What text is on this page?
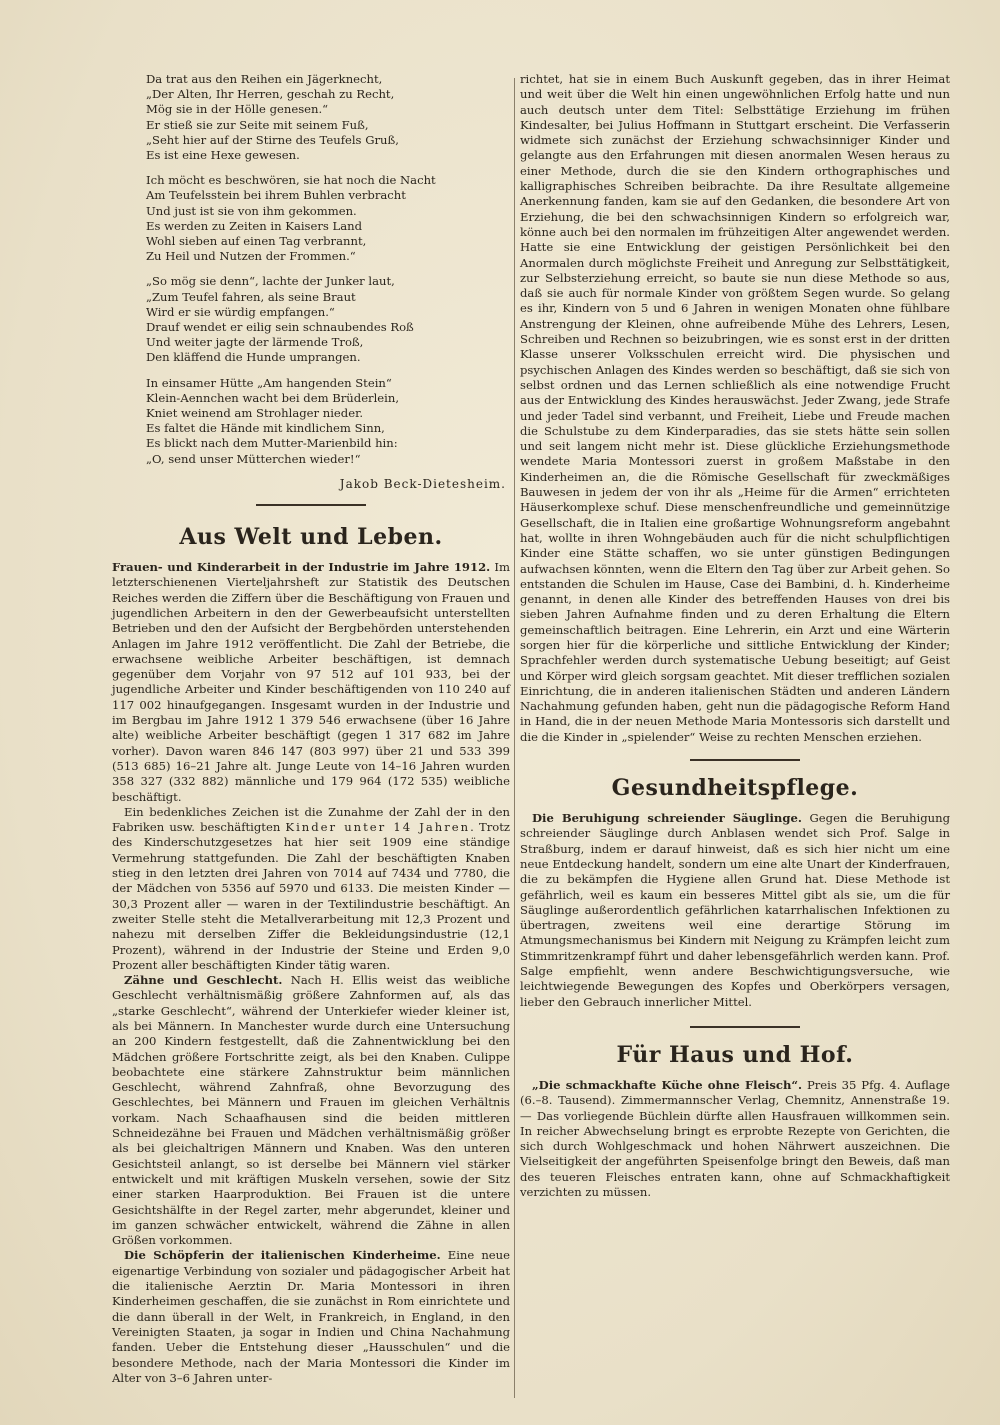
Da trat aus den Reihen ein Jägerknecht,
„Der Alten, Ihr Herren, geschah zu Recht,
Mög sie in der Hölle genesen.“
Er stieß sie zur Seite mit seinem Fuß,
„Seht hier auf der Stirne des Teufels Gruß,
Es ist eine Hexe gewesen.

Ich möcht es beschwören, sie hat noch die Nacht
Am Teufelsstein bei ihrem Buhlen verbracht
Und just ist sie von ihm gekommen.
Es werden zu Zeiten in Kaisers Land
Wohl sieben auf einen Tag verbrannt,
Zu Heil und Nutzen der Frommen.“

„So mög sie denn“, lachte der Junker laut,
„Zum Teufel fahren, als seine Braut
Wird er sie würdig empfangen.“
Drauf wendet er eilig sein schnaubendes Roß
Und weiter jagte der lärmende Troß,
Den kläffend die Hunde umprangen.

In einsamer Hütte „Am hangenden Stein“
Klein-Aennchen wacht bei dem Brüderlein,
Kniet weinend am Strohlager nieder.
Es faltet die Hände mit kindlichem Sinn,
Es blickt nach dem Mutter-Marienbild hin:
„O, send unser Mütterchen wieder!“

Jakob Beck-Dietesheim.
Aus Welt und Leben.

Frauen- und Kinderarbeit in der Industrie im Jahre 1912. Im letzterschienenen Vierteljahrsheft zur Statistik des Deutschen Reiches werden die Ziffern über die Beschäftigung von Frauen und jugendlichen Arbeitern in den der Gewerbeaufsicht unterstellten Betrieben und den der Aufsicht der Bergbehörden unterstehenden Anlagen im Jahre 1912 veröffentlicht. Die Zahl der Betriebe, die erwachsene weibliche Arbeiter beschäftigen, ist demnach gegenüber dem Vorjahr von 97 512 auf 101 933, bei der jugendliche Arbeiter und Kinder beschäftigenden von 110 240 auf 117 002 hinaufgegangen. Insgesamt wurden in der Industrie und im Bergbau im Jahre 1912 1 379 546 erwachsene (über 16 Jahre alte) weibliche Arbeiter beschäftigt (gegen 1 317 682 im Jahre vorher). Davon waren 846 147 (803 997) über 21 und 533 399 (513 685) 16–21 Jahre alt. Junge Leute von 14–16 Jahren wurden 358 327 (332 882) männliche und 179 964 (172 535) weibliche beschäftigt.

Ein bedenkliches Zeichen ist die Zunahme der Zahl der in den Fabriken usw. beschäftigten Kinder unter 14 Jahren. Trotz des Kinderschutzgesetzes hat hier seit 1909 eine ständige Vermehrung stattgefunden. Die Zahl der beschäftigten Knaben stieg in den letzten drei Jahren von 7014 auf 7434 und 7780, die der Mädchen von 5356 auf 5970 und 6133. Die meisten Kinder — 30,3 Prozent aller — waren in der Textilindustrie beschäftigt. An zweiter Stelle steht die Metallverarbeitung mit 12,3 Prozent und nahezu mit derselben Ziffer die Bekleidungsindustrie (12,1 Prozent), während in der Industrie der Steine und Erden 9,0 Prozent aller beschäftigten Kinder tätig waren.

Zähne und Geschlecht. Nach H. Ellis weist das weibliche Geschlecht verhältnismäßig größere Zahnformen auf, als das „starke Geschlecht“, während der Unterkiefer wieder kleiner ist, als bei Männern. In Manchester wurde durch eine Untersuchung an 200 Kindern festgestellt, daß die Zahnentwicklung bei den Mädchen größere Fortschritte zeigt, als bei den Knaben. Culippe beobachtete eine stärkere Zahnstruktur beim männlichen Geschlecht, während Zahnfraß, ohne Bevorzugung des Geschlechtes, bei Männern und Frauen im gleichen Verhältnis vorkam. Nach Schaafhausen sind die beiden mittleren Schneidezähne bei Frauen und Mädchen verhältnismäßig größer als bei gleichaltrigen Männern und Knaben. Was den unteren Gesichtsteil anlangt, so ist derselbe bei Männern viel stärker entwickelt und mit kräftigen Muskeln versehen, sowie der Sitz einer starken Haarproduktion. Bei Frauen ist die untere Gesichtshälfte in der Regel zarter, mehr abgerundet, kleiner und im ganzen schwächer entwickelt, während die Zähne in allen Größen vorkommen.

Die Schöpferin der italienischen Kinderheime. Eine neue eigenartige Verbindung von sozialer und pädagogischer Arbeit hat die italienische Aerztin Dr. Maria Montessori in ihren Kinderheimen geschaffen, die sie zunächst in Rom einrichtete und die dann überall in der Welt, in Frankreich, in England, in den Vereinigten Staaten, ja sogar in Indien und China Nachahmung fanden. Ueber die Entstehung dieser „Hausschulen“ und die besondere Methode, nach der Maria Montessori die Kinder im Alter von 3–6 Jahren unter-

richtet, hat sie in einem Buch Auskunft gegeben, das in ihrer Heimat und weit über die Welt hin einen ungewöhnlichen Erfolg hatte und nun auch deutsch unter dem Titel: Selbsttätige Erziehung im frühen Kindesalter, bei Julius Hoffmann in Stuttgart erscheint. Die Verfasserin widmete sich zunächst der Erziehung schwachsinniger Kinder und gelangte aus den Erfahrungen mit diesen anormalen Wesen heraus zu einer Methode, durch die sie den Kindern orthographisches und kalligraphisches Schreiben beibrachte. Da ihre Resultate allgemeine Anerkennung fanden, kam sie auf den Gedanken, die besondere Art von Erziehung, die bei den schwachsinnigen Kindern so erfolgreich war, könne auch bei den normalen im frühzeitigen Alter angewendet werden. Hatte sie eine Entwicklung der geistigen Persönlichkeit bei den Anormalen durch möglichste Freiheit und Anregung zur Selbsttätigkeit, zur Selbsterziehung erreicht, so baute sie nun diese Methode so aus, daß sie auch für normale Kinder von größtem Segen wurde. So gelang es ihr, Kindern von 5 und 6 Jahren in wenigen Monaten ohne fühlbare Anstrengung der Kleinen, ohne aufreibende Mühe des Lehrers, Lesen, Schreiben und Rechnen so beizubringen, wie es sonst erst in der dritten Klasse unserer Volksschulen erreicht wird. Die physischen und psychischen Anlagen des Kindes werden so beschäftigt, daß sie sich von selbst ordnen und das Lernen schließlich als eine notwendige Frucht aus der Entwicklung des Kindes herauswächst. Jeder Zwang, jede Strafe und jeder Tadel sind verbannt, und Freiheit, Liebe und Freude machen die Schulstube zu dem Kinderparadies, das sie stets hätte sein sollen und seit langem nicht mehr ist. Diese glückliche Erziehungsmethode wendete Maria Montessori zuerst in großem Maßstabe in den Kinderheimen an, die die Römische Gesellschaft für zweckmäßiges Bauwesen in jedem der von ihr als „Heime für die Armen“ errichteten Häuserkomplexe schuf. Diese menschenfreundliche und gemeinnützige Gesellschaft, die in Italien eine großartige Wohnungsreform angebahnt hat, wollte in ihren Wohngebäuden auch für die nicht schulpflichtigen Kinder eine Stätte schaffen, wo sie unter günstigen Bedingungen aufwachsen könnten, wenn die Eltern den Tag über zur Arbeit gehen. So entstanden die Schulen im Hause, Case dei Bambini, d. h. Kinderheime genannt, in denen alle Kinder des betreffenden Hauses von drei bis sieben Jahren Aufnahme finden und zu deren Erhaltung die Eltern gemeinschaftlich beitragen. Eine Lehrerin, ein Arzt und eine Wärterin sorgen hier für die körperliche und sittliche Entwicklung der Kinder; Sprachfehler werden durch systematische Uebung beseitigt; auf Geist und Körper wird gleich sorgsam geachtet. Mit dieser trefflichen sozialen Einrichtung, die in anderen italienischen Städten und anderen Ländern Nachahmung gefunden haben, geht nun die pädagogische Reform Hand in Hand, die in der neuen Methode Maria Montessoris sich darstellt und die die Kinder in „spielender“ Weise zu rechten Menschen erziehen.

Gesundheitspflege.

Die Beruhigung schreiender Säuglinge. Gegen die Beruhigung schreiender Säuglinge durch Anblasen wendet sich Prof. Salge in Straßburg, indem er darauf hinweist, daß es sich hier nicht um eine neue Entdeckung handelt, sondern um eine alte Unart der Kinderfrauen, die zu bekämpfen die Hygiene allen Grund hat. Diese Methode ist gefährlich, weil es kaum ein besseres Mittel gibt als sie, um die für Säuglinge außerordentlich gefährlichen katarrhalischen Infektionen zu übertragen, zweitens weil eine derartige Störung im Atmungsmechanismus bei Kindern mit Neigung zu Krämpfen leicht zum Stimmritzenkrampf führt und daher lebensgefährlich werden kann. Prof. Salge empfiehlt, wenn andere Beschwichtigungsversuche, wie leichtwiegende Bewegungen des Kopfes und Oberkörpers versagen, lieber den Gebrauch innerlicher Mittel.

Für Haus und Hof.

„Die schmackhafte Küche ohne Fleisch“. Preis 35 Pfg. 4. Auflage (6.–8. Tausend). Zimmermannscher Verlag, Chemnitz, Annenstraße 19. — Das vorliegende Büchlein dürfte allen Hausfrauen willkommen sein. In reicher Abwechselung bringt es erprobte Rezepte von Gerichten, die sich durch Wohlgeschmack und hohen Nährwert auszeichnen. Die Vielseitigkeit der angeführten Speisenfolge bringt den Beweis, daß man des teueren Fleisches entraten kann, ohne auf Schmackhaftigkeit verzichten zu müssen.
